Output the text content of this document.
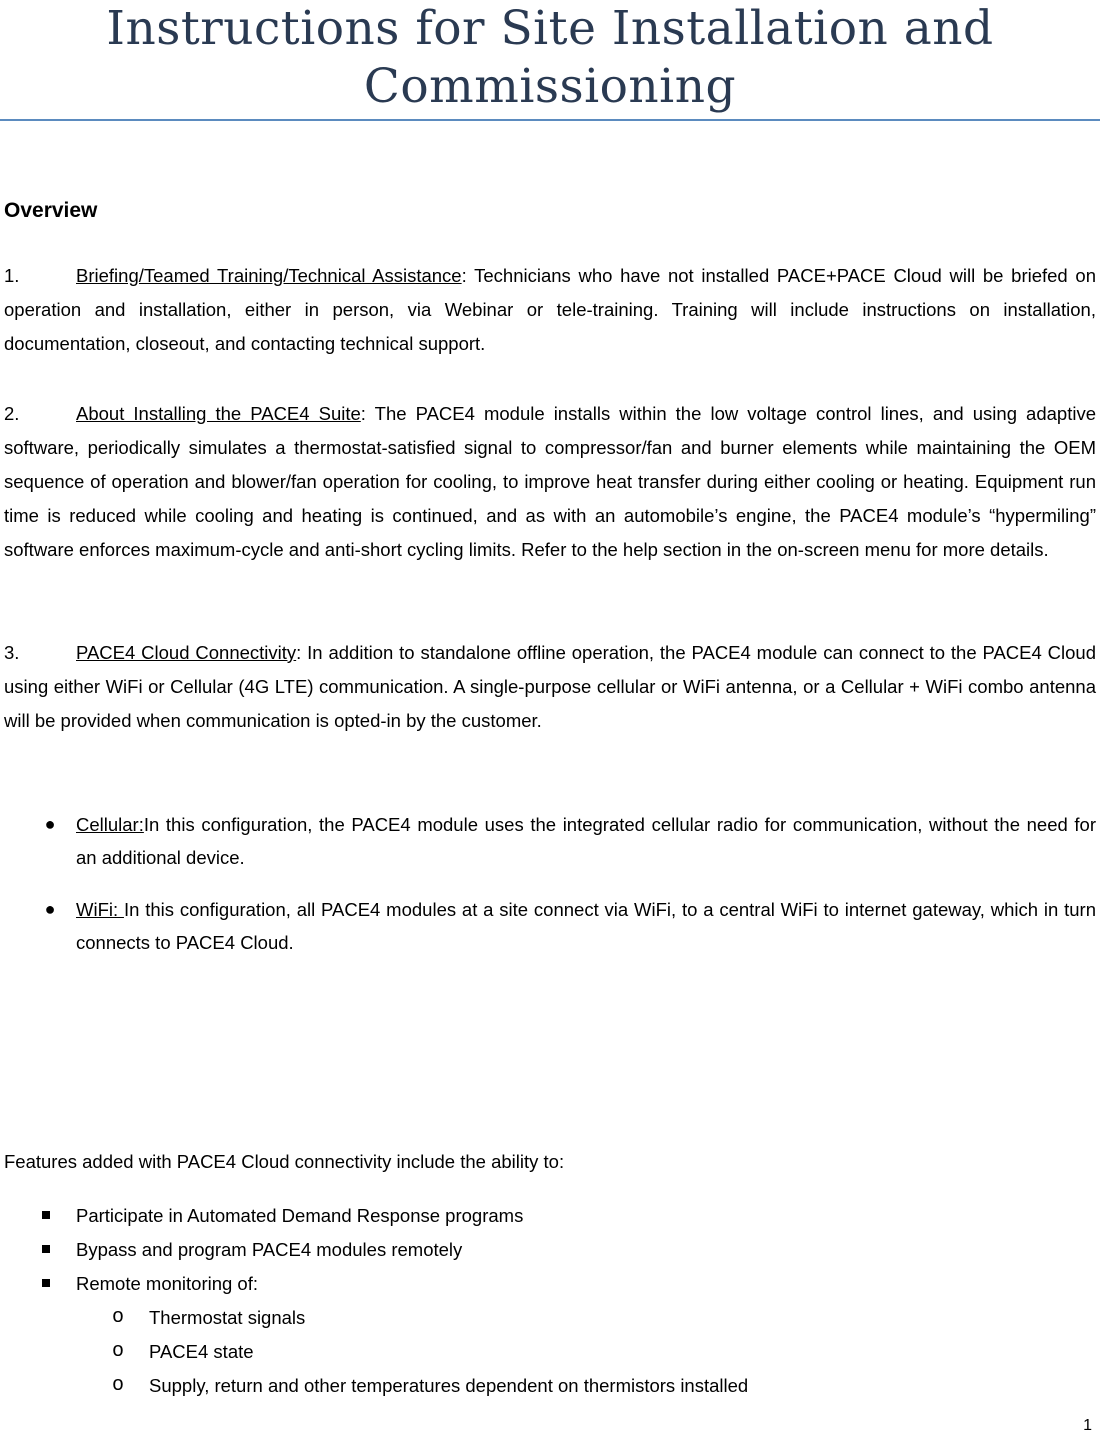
Instructions for Site Installation and
Commissioning
Overview
1.	Briefing/Teamed Training/Technical Assistance: Technicians who have not installed PACE+PACE Cloud will be briefed on operation and installation, either in person, via Webinar or tele-training. Training will include instructions on installation, documentation, closeout, and contacting technical support.
2.	About Installing the PACE4 Suite: The PACE4 module installs within the low voltage control lines, and using adaptive software, periodically simulates a thermostat-satisfied signal to compressor/fan and burner elements while maintaining the OEM sequence of operation and blower/fan operation for cooling, to improve heat transfer during either cooling or heating. Equipment run time is reduced while cooling and heating is continued, and as with an automobile’s engine, the PACE4 module’s “hypermiling” software enforces maximum-cycle and anti-short cycling limits. Refer to the help section in the on-screen menu for more details.
3.	PACE4 Cloud Connectivity: In addition to standalone offline operation, the PACE4 module can connect to the PACE4 Cloud using either WiFi or Cellular (4G LTE) communication. A single-purpose cellular or WiFi antenna, or a Cellular + WiFi combo antenna will be provided when communication is opted-in by the customer.
● Cellular:In this configuration, the PACE4 module uses the integrated cellular radio for communication, without the need for an additional device.
● WiFi: In this configuration, all PACE4 modules at a site connect via WiFi, to a central WiFi to internet gateway, which in turn connects to PACE4 Cloud.
Features added with PACE4 Cloud connectivity include the ability to:
Participate in Automated Demand Response programs
Bypass and program PACE4 modules remotely
Remote monitoring of:
o Thermostat signals
o PACE4 state
o Supply, return and other temperatures dependent on thermistors installed
1
